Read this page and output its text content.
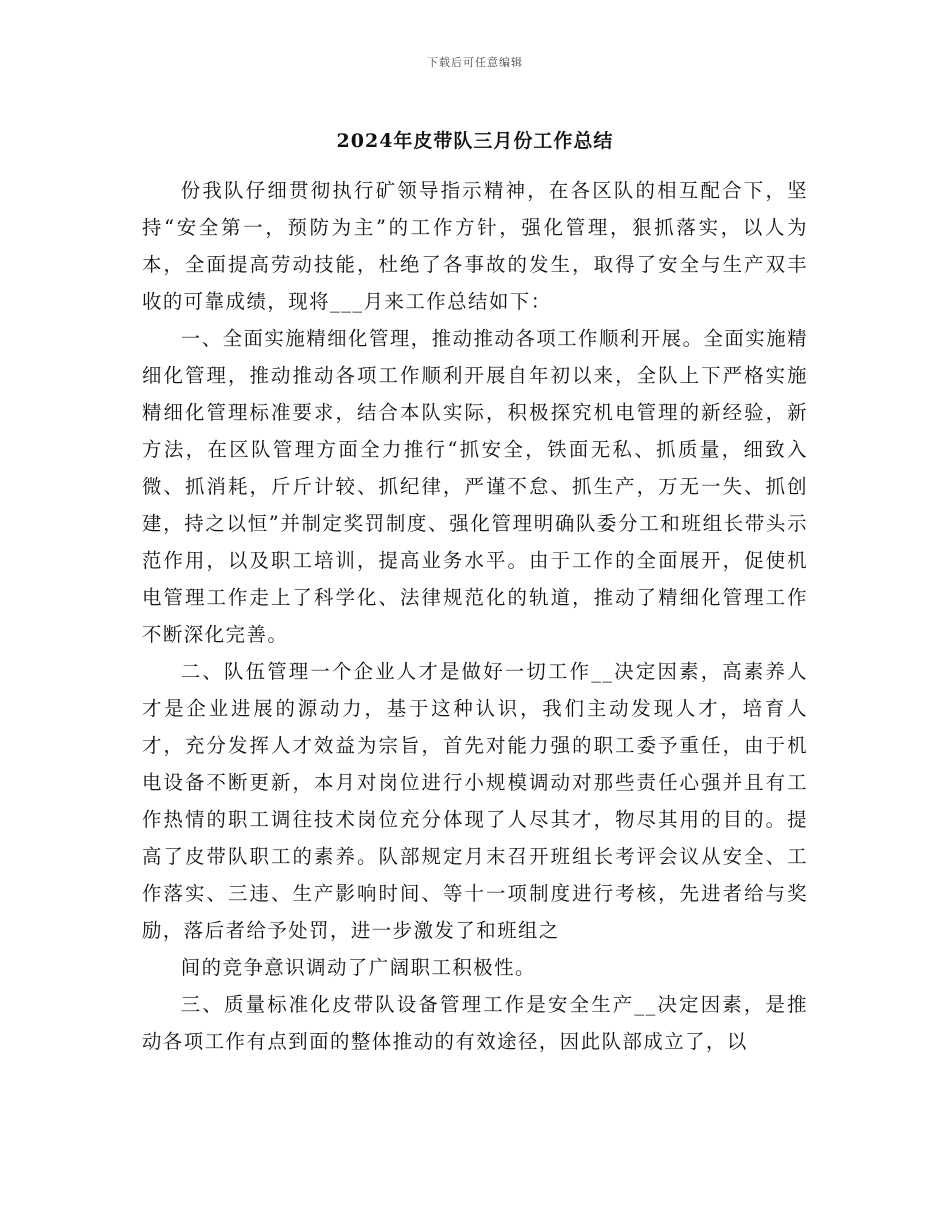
下载后可任意编辑
2024年皮带队三月份工作总结

份我队仔细贯彻执行矿领导指示精神，在各区队的相互配合下，坚持“安全第一，预防为主”的工作方针，强化管理，狠抓落实，以人为本，全面提高劳动技能，杜绝了各事故的发生，取得了安全与生产双丰收的可靠成绩，现将___月来工作总结如下：

一、全面实施精细化管理，推动推动各项工作顺利开展。全面实施精细化管理，推动推动各项工作顺利开展自年初以来，全队上下严格实施精细化管理标准要求，结合本队实际，积极探究机电管理的新经验，新方法，在区队管理方面全力推行“抓安全，铁面无私、抓质量，细致入微、抓消耗，斤斤计较、抓纪律，严谨不怠、抓生产，万无一失、抓创建，持之以恒”并制定奖罚制度、强化管理明确队委分工和班组长带头示范作用，以及职工培训，提高业务水平。由于工作的全面展开，促使机电管理工作走上了科学化、法律规范化的轨道，推动了精细化管理工作不断深化完善。

二、队伍管理一个企业人才是做好一切工作__决定因素，高素养人才是企业进展的源动力，基于这种认识，我们主动发现人才，培育人才，充分发挥人才效益为宗旨，首先对能力强的职工委予重任，由于机电设备不断更新，本月对岗位进行小规模调动对那些责任心强并且有工作热情的职工调往技术岗位充分体现了人尽其才，物尽其用的目的。提高了皮带队职工的素养。队部规定月末召开班组长考评会议从安全、工作落实、三违、生产影响时间、等十一项制度进行考核，先进者给与奖励，落后者给予处罚，进一步激发了和班组之

间的竞争意识调动了广阔职工积极性。

三、质量标准化皮带队设备管理工作是安全生产__决定因素，是推动各项工作有点到面的整体推动的有效途径，因此队部成立了，以
